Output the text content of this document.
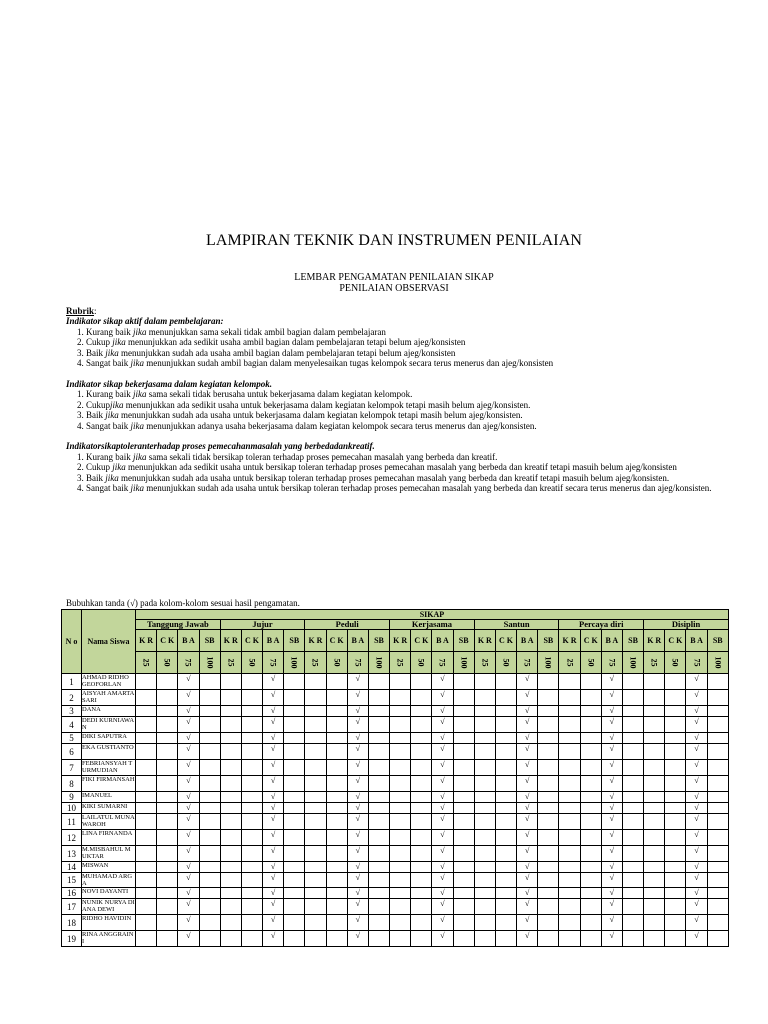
LAMPIRAN TEKNIK DAN INSTRUMEN PENILAIAN
LEMBAR PENGAMATAN PENILAIAN SIKAP
PENILAIAN OBSERVASI
Rubrik:
Indikator sikap aktif dalam pembelajaran:
1. Kurang baik jika menunjukkan sama sekali tidak ambil bagian dalam pembelajaran
2. Cukup jika menunjukkan ada sedikit usaha ambil bagian dalam pembelajaran tetapi belum ajeg/konsisten
3. Baik jika menunjukkan sudah ada usaha ambil bagian dalam pembelajaran tetapi belum ajeg/konsisten
4. Sangat baik jika menunjukkan sudah ambil bagian dalam menyelesaikan tugas kelompok secara terus menerus dan ajeg/konsisten
Indikator sikap bekerjasama dalam kegiatan kelompok.
1. Kurang baik jika sama sekali tidak berusaha untuk bekerjasama dalam kegiatan kelompok.
2. Cukupjika menunjukkan ada sedikit usaha untuk bekerjasama dalam kegiatan kelompok tetapi masih belum ajeg/konsisten.
3. Baik jika menunjukkan sudah ada usaha untuk bekerjasama dalam kegiatan kelompok tetapi masih belum ajeg/konsisten.
4. Sangat baik jika menunjukkan adanya usaha bekerjasama dalam kegiatan kelompok secara terus menerus dan ajeg/konsisten.
Indikatorsikaptoleranterhadap proses pemecahanmasalah yang berbedadankreatif.
1. Kurang baik jika sama sekali tidak bersikap toleran terhadap proses pemecahan masalah yang berbeda dan kreatif.
2. Cukup jika menunjukkan ada sedikit usaha untuk bersikap toleran terhadap proses pemecahan masalah yang berbeda dan kreatif tetapi masuih belum ajeg/konsisten
3. Baik jika menunjukkan sudah ada usaha untuk bersikap toleran terhadap proses pemecahan masalah yang berbeda dan kreatif tetapi masuih belum ajeg/konsisten.
4. Sangat baik jika menunjukkan sudah ada usaha untuk bersikap toleran terhadap proses pemecahan masalah yang berbeda dan kreatif secara terus menerus dan ajeg/konsisten.
Bubuhkan tanda (√) pada kolom-kolom sesuai hasil pengamatan.
N o	Nama Siswa	SIKAP																											
		Tanggung Jawab				Jujur				Peduli				Kerjasama				Santun				Percaya diri				Disiplin			
		K R	C K	B A	SB	K R	C K	B A	SB	K R	C K	B A	SB	K R	C K	B A	SB	K R	C K	B A	SB	K R	C K	B A	SB	K R	C K	B A	SB
		25	50	75	100	25	50	75	100	25	50	75	100	25	50	75	100	25	50	75	100	25	50	75	100	25	50	75	100
1	AHMAD RIDHO GEOFORLAN			√				√				√				√				√				√				√	
2	AISYAH AMARTASARI			√				√				√				√				√				√				√	
3	DANA			√				√				√				√				√				√				√	
4	DEDI KURNIAWAN			√				√				√				√				√				√				√	
5	DIKI SAPUTRA			√				√				√				√				√				√				√	
6	EKA GUSTIANTO			√				√				√				√				√				√				√	
7	FEBRIANSYAH TURMUDIAN			√				√				√				√				√				√				√	
8	FIKI FIRMANSAH			√				√				√				√				√				√				√	
9	IMANUEL			√				√				√				√				√				√				√	
10	KIKI SUMARNI			√				√				√				√				√				√				√	
11	LAILATUL MUNAWAROH			√				√				√				√				√				√				√	
12	LINA FIRNANDA			√				√				√				√				√				√				√	
13	M.MISBAHUL MUKTAR			√				√				√				√				√				√				√	
14	MISWAN			√				√				√				√				√				√				√	
15	MUHAMAD ARGA			√				√				√				√				√				√				√	
16	NOVI DAYANTI			√				√				√				√				√				√				√	
17	NUNIK NURYA DIANA DEWI			√				√				√				√				√				√				√	
18	RIDHO HAVIDIN			√				√				√				√				√				√				√	
19	RINA ANGGRAINI			√				√				√				√				√				√				√	
